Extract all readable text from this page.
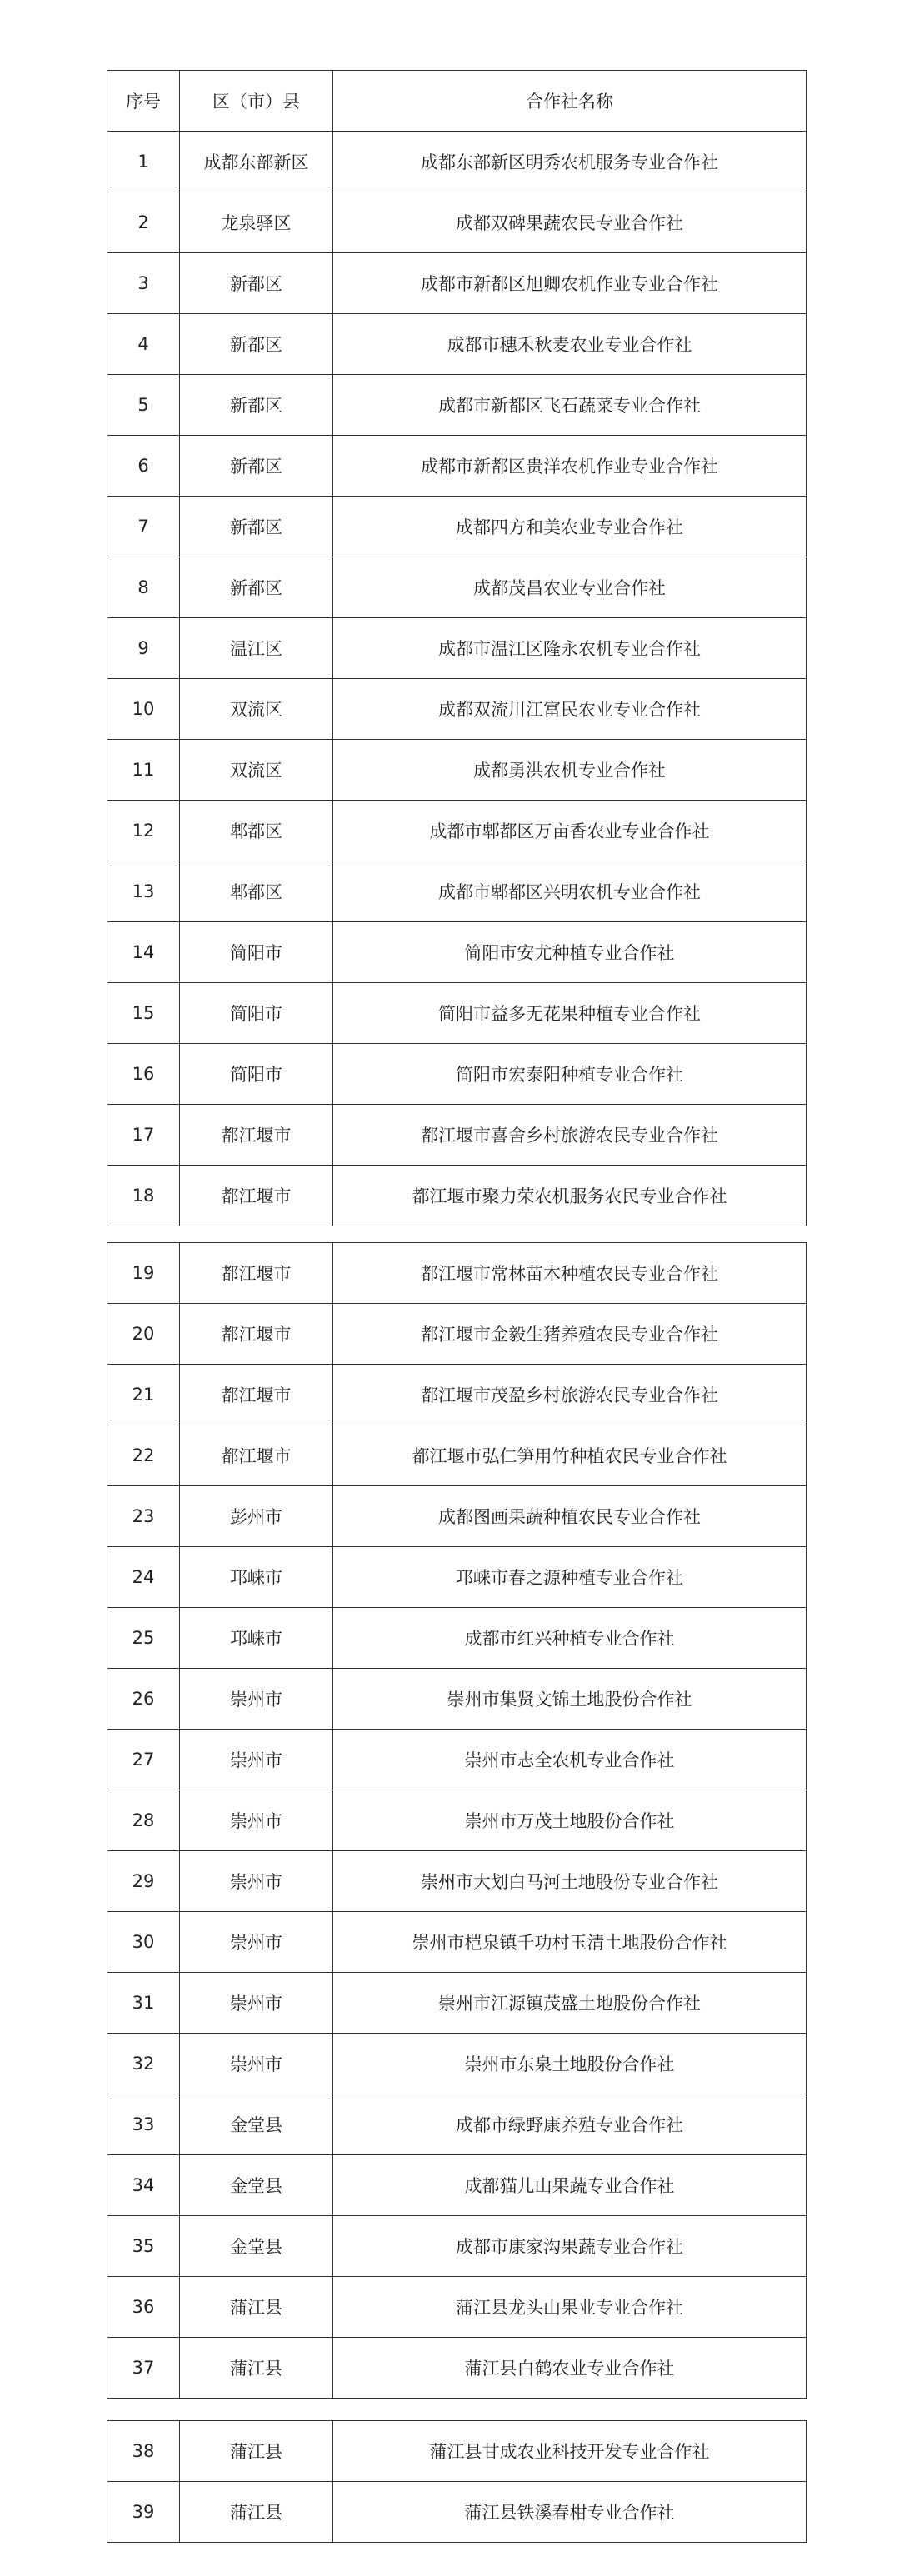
序号	区（市）县	合作社名称
1	成都东部新区	成都东部新区明秀农机服务专业合作社
2	龙泉驿区	成都双碑果蔬农民专业合作社
3	新都区	成都市新都区旭卿农机作业专业合作社
4	新都区	成都市穗禾秋麦农业专业合作社
5	新都区	成都市新都区飞石蔬菜专业合作社
6	新都区	成都市新都区贵洋农机作业专业合作社
7	新都区	成都四方和美农业专业合作社
8	新都区	成都茂昌农业专业合作社
9	温江区	成都市温江区隆永农机专业合作社
10	双流区	成都双流川江富民农业专业合作社
11	双流区	成都勇洪农机专业合作社
12	郫都区	成都市郫都区万亩香农业专业合作社
13	郫都区	成都市郫都区兴明农机专业合作社
14	简阳市	简阳市安尤种植专业合作社
15	简阳市	简阳市益多无花果种植专业合作社
16	简阳市	简阳市宏泰阳种植专业合作社
17	都江堰市	都江堰市喜舍乡村旅游农民专业合作社
18	都江堰市	都江堰市聚力荣农机服务农民专业合作社
19	都江堰市	都江堰市常林苗木种植农民专业合作社
20	都江堰市	都江堰市金毅生猪养殖农民专业合作社
21	都江堰市	都江堰市茂盈乡村旅游农民专业合作社
22	都江堰市	都江堰市弘仁笋用竹种植农民专业合作社
23	彭州市	成都图画果蔬种植农民专业合作社
24	邛崃市	邛崃市春之源种植专业合作社
25	邛崃市	成都市红兴种植专业合作社
26	崇州市	崇州市集贤文锦土地股份合作社
27	崇州市	崇州市志全农机专业合作社
28	崇州市	崇州市万茂土地股份合作社
29	崇州市	崇州市大划白马河土地股份专业合作社
30	崇州市	崇州市桤泉镇千功村玉清土地股份合作社
31	崇州市	崇州市江源镇茂盛土地股份合作社
32	崇州市	崇州市东泉土地股份合作社
33	金堂县	成都市绿野康养殖专业合作社
34	金堂县	成都猫儿山果蔬专业合作社
35	金堂县	成都市康家沟果蔬专业合作社
36	蒲江县	蒲江县龙头山果业专业合作社
37	蒲江县	蒲江县白鹤农业专业合作社
38	蒲江县	蒲江县甘成农业科技开发专业合作社
39	蒲江县	蒲江县铁溪春柑专业合作社
